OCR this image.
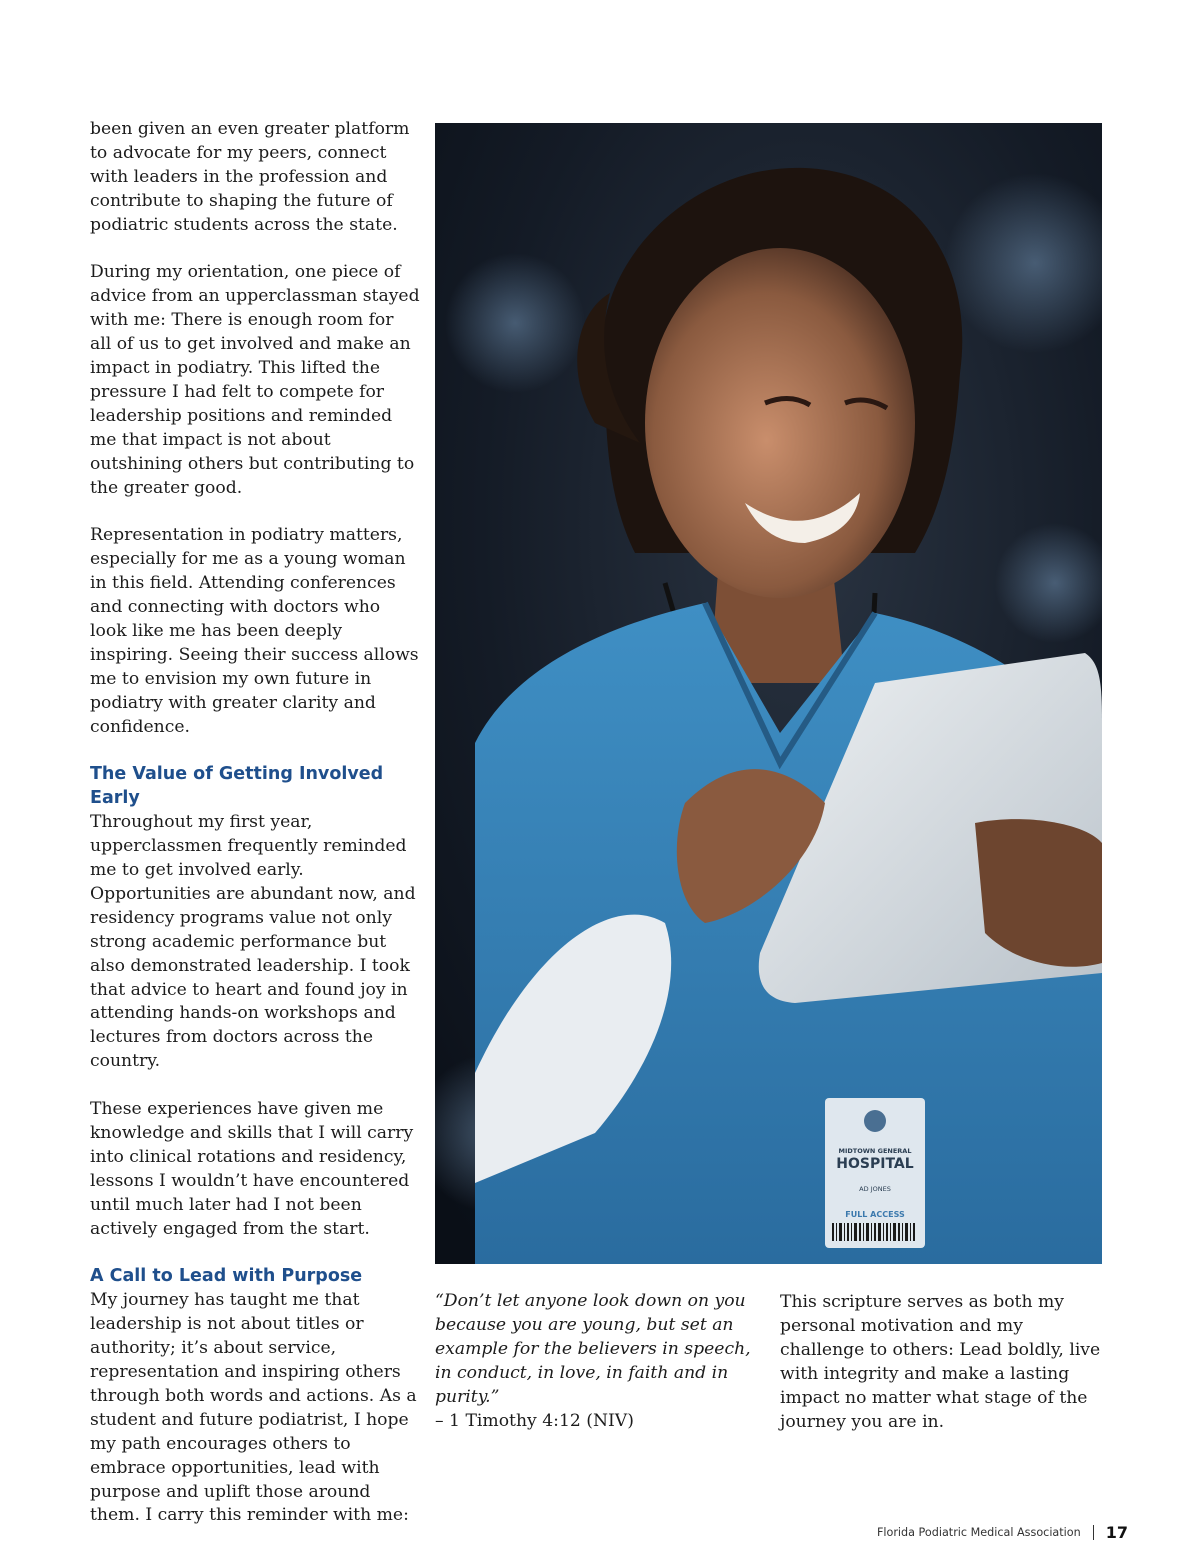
been given an even greater platform to advocate for my peers, connect with leaders in the profession and contribute to shaping the future of podiatric students across the state.

During my orientation, one piece of advice from an upperclassman stayed with me: There is enough room for all of us to get involved and make an impact in podiatry. This lifted the pressure I had felt to compete for leadership positions and reminded me that impact is not about outshining others but contributing to the greater good.

Representation in podiatry matters, especially for me as a young woman in this field. Attending conferences and connecting with doctors who look like me has been deeply inspiring. Seeing their success allows me to envision my own future in podiatry with greater clarity and confidence.

The Value of Getting Involved Early

Throughout my first year, upperclassmen frequently reminded me to get involved early. Opportunities are abundant now, and residency programs value not only strong academic performance but also demonstrated leadership. I took that advice to heart and found joy in attending hands-on workshops and lectures from doctors across the country.

These experiences have given me knowledge and skills that I will carry into clinical rotations and residency, lessons I wouldn’t have encountered until much later had I not been actively engaged from the start.

A Call to Lead with Purpose

My journey has taught me that leadership is not about titles or authority; it’s about service, representation and inspiring others through both words and actions. As a student and future podiatrist, I hope my path encourages others to embrace opportunities, lead with purpose and uplift those around them. I carry this reminder with me:

MIDTOWN GENERAL
HOSPITAL
AD JONES
FULL ACCESS
“Don’t let anyone look down on you because you are young, but set an example for the believers in speech, in conduct, in love, in faith and in purity.”
– 1 Timothy 4:12 (NIV)
This scripture serves as both my personal motivation and my challenge to others: Lead boldly, live with integrity and make a lasting impact no matter what stage of the journey you are in.
Florida Podiatric Medical Association 17
